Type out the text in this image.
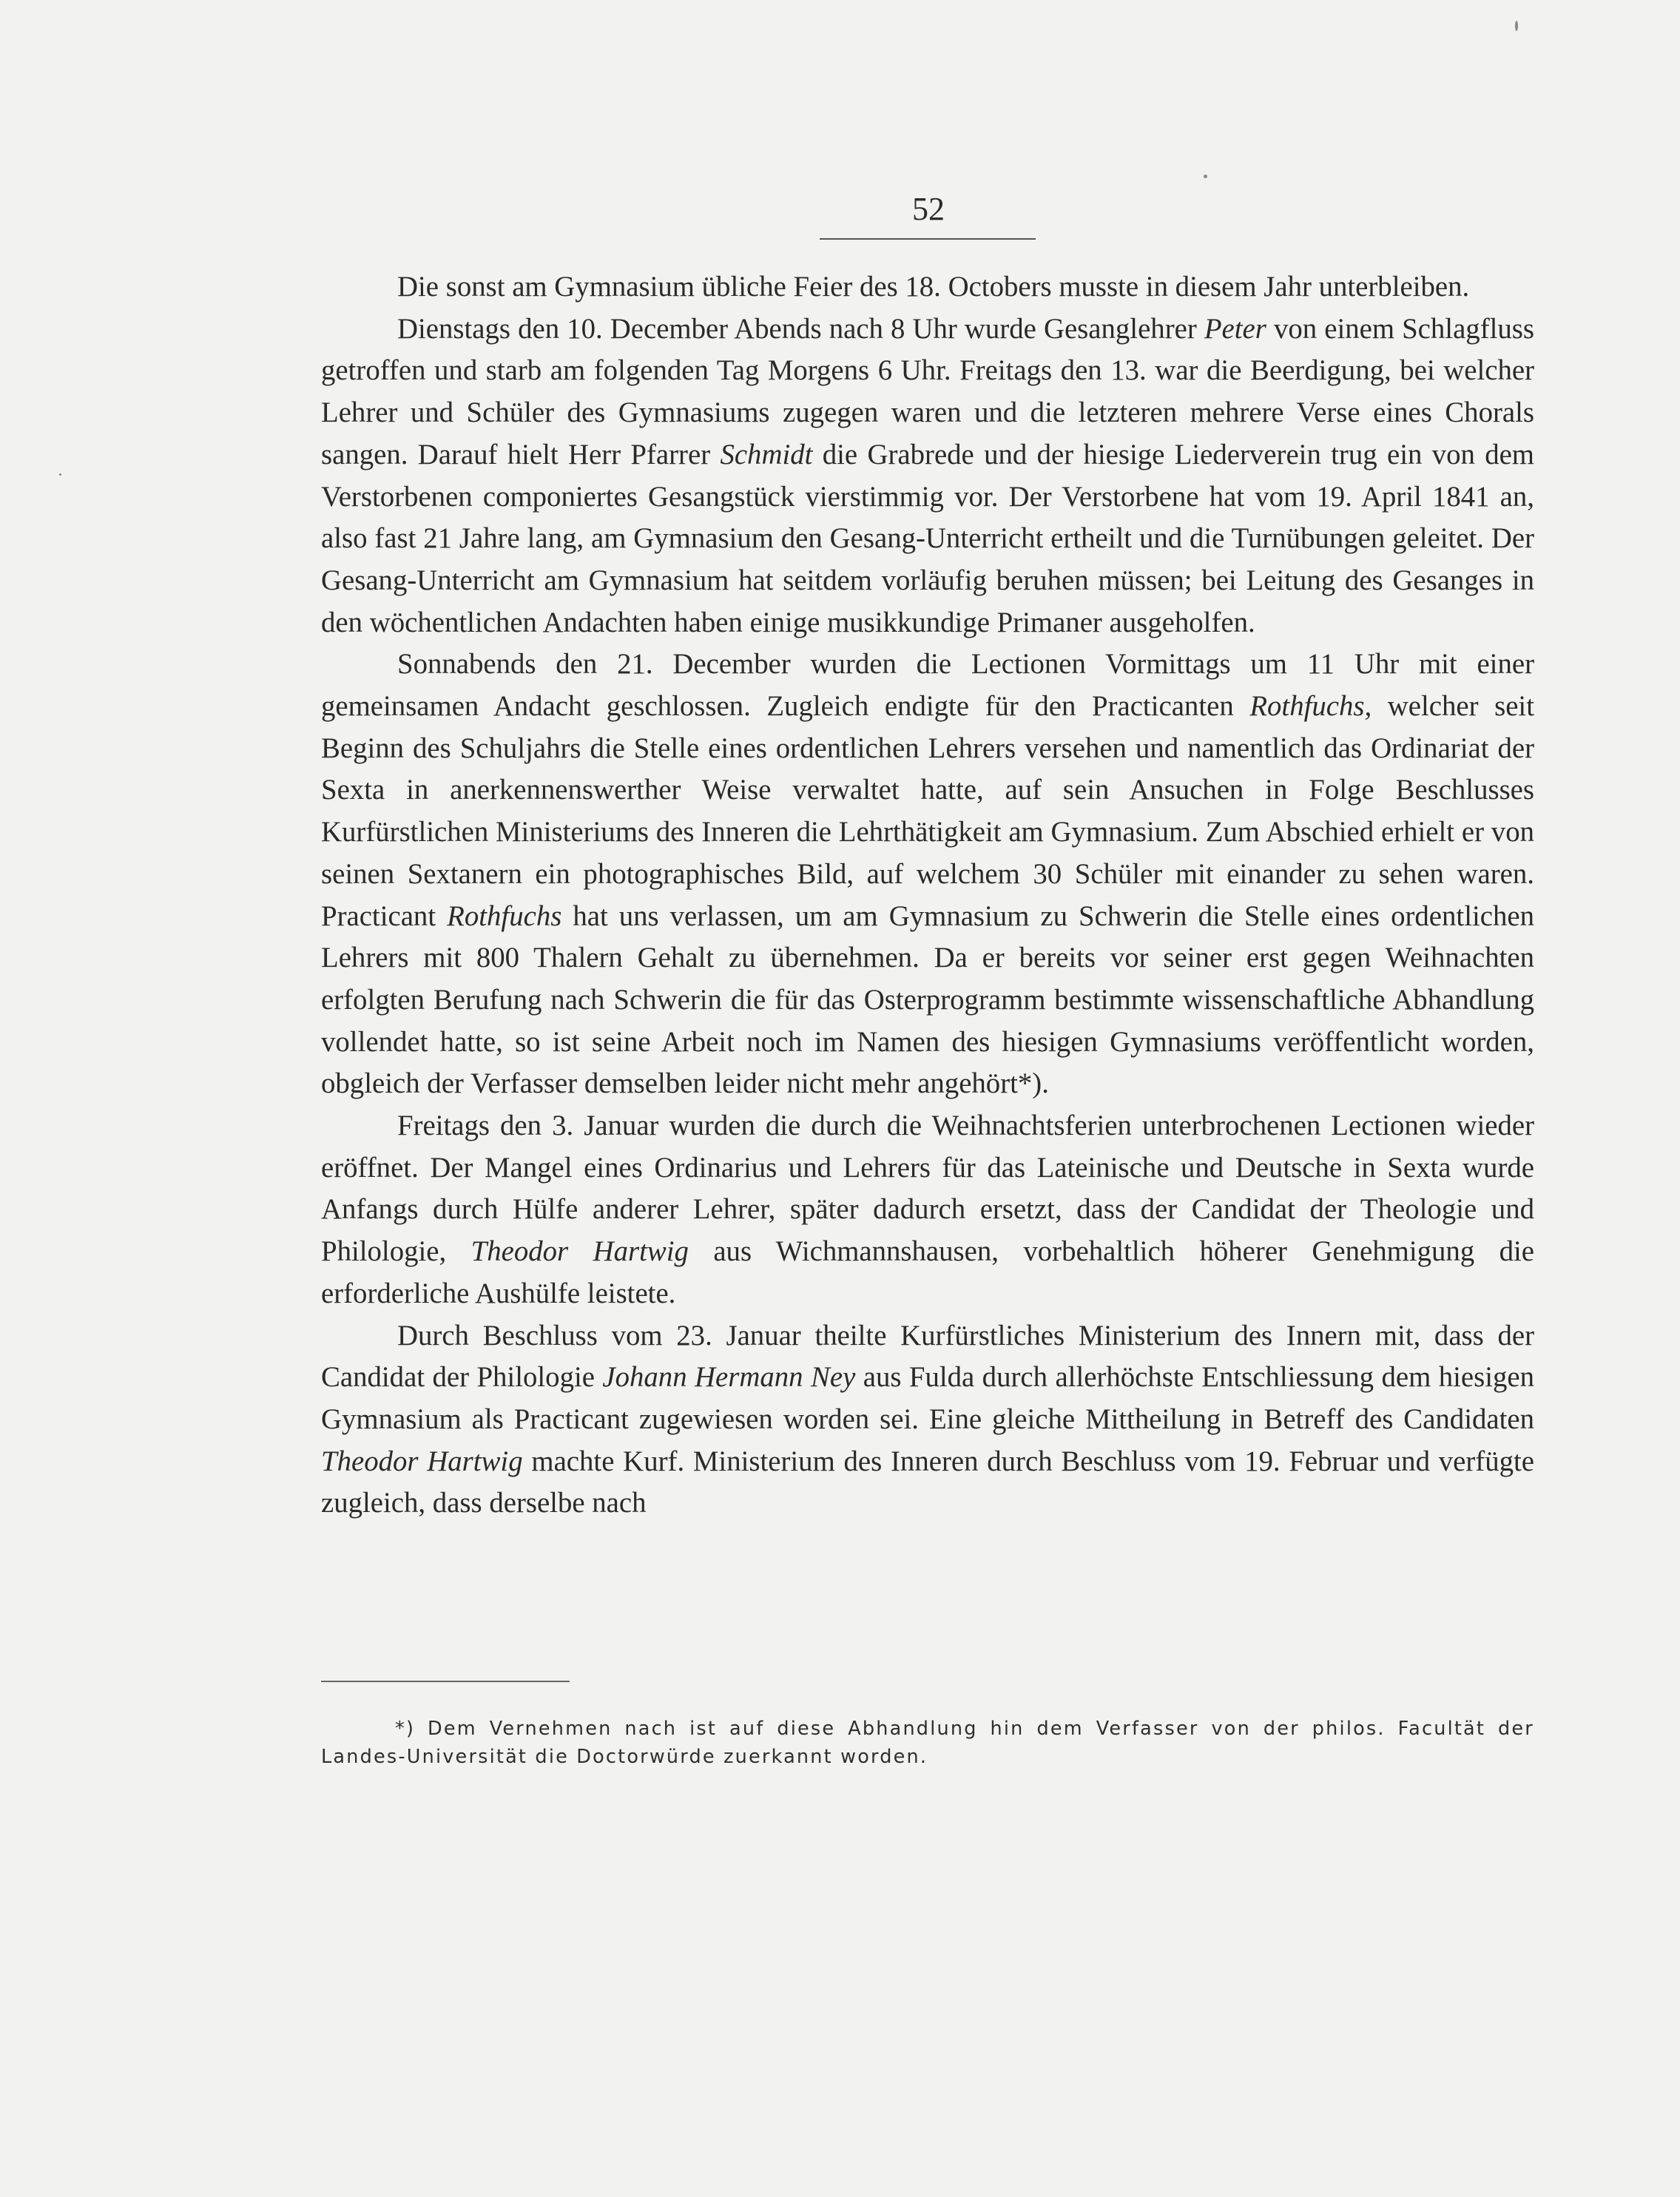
52

Die sonst am Gymnasium übliche Feier des 18. Octobers musste in diesem Jahr unterbleiben.

Dienstags den 10. December Abends nach 8 Uhr wurde Gesanglehrer Peter von einem Schlagfluss getroffen und starb am folgenden Tag Morgens 6 Uhr. Freitags den 13. war die Beerdigung, bei welcher Lehrer und Schüler des Gymnasiums zugegen waren und die letzteren mehrere Verse eines Chorals sangen. Darauf hielt Herr Pfarrer Schmidt die Grabrede und der hiesige Liederverein trug ein von dem Verstorbenen componiertes Gesangstück vierstimmig vor. Der Verstorbene hat vom 19. April 1841 an, also fast 21 Jahre lang, am Gymnasium den Gesang-Unterricht ertheilt und die Turnübungen geleitet. Der Gesang-Unterricht am Gymnasium hat seitdem vorläufig beruhen müssen; bei Leitung des Gesanges in den wöchentlichen Andachten haben einige musikkundige Primaner ausgeholfen.

Sonnabends den 21. December wurden die Lectionen Vormittags um 11 Uhr mit einer gemeinsamen Andacht geschlossen. Zugleich endigte für den Practicanten Rothfuchs, welcher seit Beginn des Schuljahrs die Stelle eines ordentlichen Lehrers versehen und namentlich das Ordinariat der Sexta in anerkennenswerther Weise verwaltet hatte, auf sein Ansuchen in Folge Beschlusses Kurfürstlichen Ministeriums des Inneren die Lehrthätigkeit am Gymnasium. Zum Abschied erhielt er von seinen Sextanern ein photographisches Bild, auf welchem 30 Schüler mit einander zu sehen waren. Practicant Rothfuchs hat uns verlassen, um am Gymnasium zu Schwerin die Stelle eines ordentlichen Lehrers mit 800 Thalern Gehalt zu übernehmen. Da er bereits vor seiner erst gegen Weihnachten erfolgten Berufung nach Schwerin die für das Osterprogramm bestimmte wissenschaftliche Abhandlung vollendet hatte, so ist seine Arbeit noch im Namen des hiesigen Gymnasiums veröffentlicht worden, obgleich der Verfasser demselben leider nicht mehr angehört*).

Freitags den 3. Januar wurden die durch die Weihnachtsferien unterbrochenen Lectionen wieder eröffnet. Der Mangel eines Ordinarius und Lehrers für das Lateinische und Deutsche in Sexta wurde Anfangs durch Hülfe anderer Lehrer, später dadurch ersetzt, dass der Candidat der Theologie und Philologie, Theodor Hartwig aus Wichmannshausen, vorbehaltlich höherer Genehmigung die erforderliche Aushülfe leistete.

Durch Beschluss vom 23. Januar theilte Kurfürstliches Ministerium des Innern mit, dass der Candidat der Philologie Johann Hermann Ney aus Fulda durch allerhöchste Entschliessung dem hiesigen Gymnasium als Practicant zugewiesen worden sei. Eine gleiche Mittheilung in Betreff des Candidaten Theodor Hartwig machte Kurf. Ministerium des Inneren durch Beschluss vom 19. Februar und verfügte zugleich, dass derselbe nach

*) Dem Vernehmen nach ist auf diese Abhandlung hin dem Verfasser von der philos. Facultät der Landes-Universität die Doctorwürde zuerkannt worden.
